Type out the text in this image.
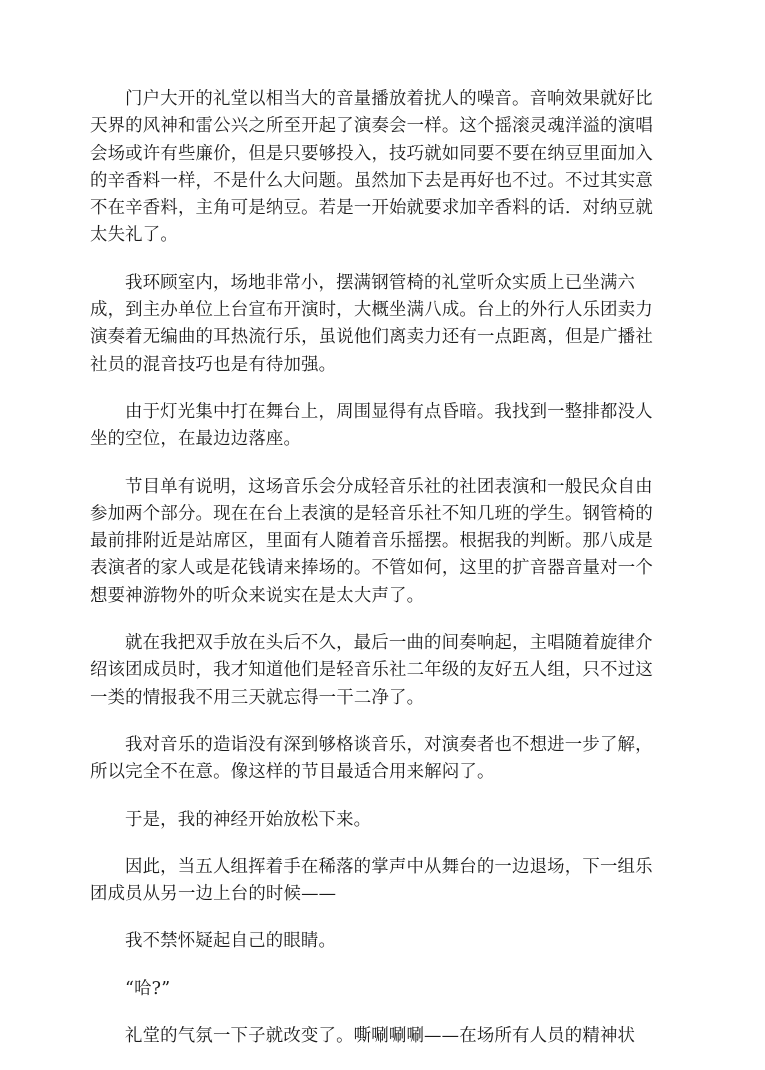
门户大开的礼堂以相当大的音量播放着扰人的噪音。音响效果就好比天界的风神和雷公兴之所至开起了演奏会一样。这个摇滚灵魂洋溢的演唱会场或许有些廉价，但是只要够投入，技巧就如同要不要在纳豆里面加入的辛香料一样，不是什么大问题。虽然加下去是再好也不过。不过其实意不在辛香料，主角可是纳豆。若是一开始就要求加辛香料的话．对纳豆就太失礼了。

我环顾室内，场地非常小，摆满钢管椅的礼堂听众实质上已坐满六成，到主办单位上台宣布开演时，大概坐满八成。台上的外行人乐团卖力演奏着无编曲的耳热流行乐，虽说他们离卖力还有一点距离，但是广播社社员的混音技巧也是有待加强。

由于灯光集中打在舞台上，周围显得有点昏暗。我找到一整排都没人坐的空位，在最边边落座。

节目单有说明，这场音乐会分成轻音乐社的社团表演和一般民众自由参加两个部分。现在在台上表演的是轻音乐社不知几班的学生。钢管椅的最前排附近是站席区，里面有人随着音乐摇摆。根据我的判断。那八成是表演者的家人或是花钱请来捧场的。不管如何，这里的扩音器音量对一个想要神游物外的听众来说实在是太大声了。

就在我把双手放在头后不久，最后一曲的间奏响起，主唱随着旋律介绍该团成员时，我才知道他们是轻音乐社二年级的友好五人组，只不过这一类的情报我不用三天就忘得一干二净了。

我对音乐的造诣没有深到够格谈音乐，对演奏者也不想进一步了解，所以完全不在意。像这样的节目最适合用来解闷了。

于是，我的神经开始放松下来。

因此，当五人组挥着手在稀落的掌声中从舞台的一边退场，下一组乐团成员从另一边上台的时候——

我不禁怀疑起自己的眼睛。

“哈?”

礼堂的气氛一下子就改变了。嘶唰唰唰——在场所有人员的精神状
